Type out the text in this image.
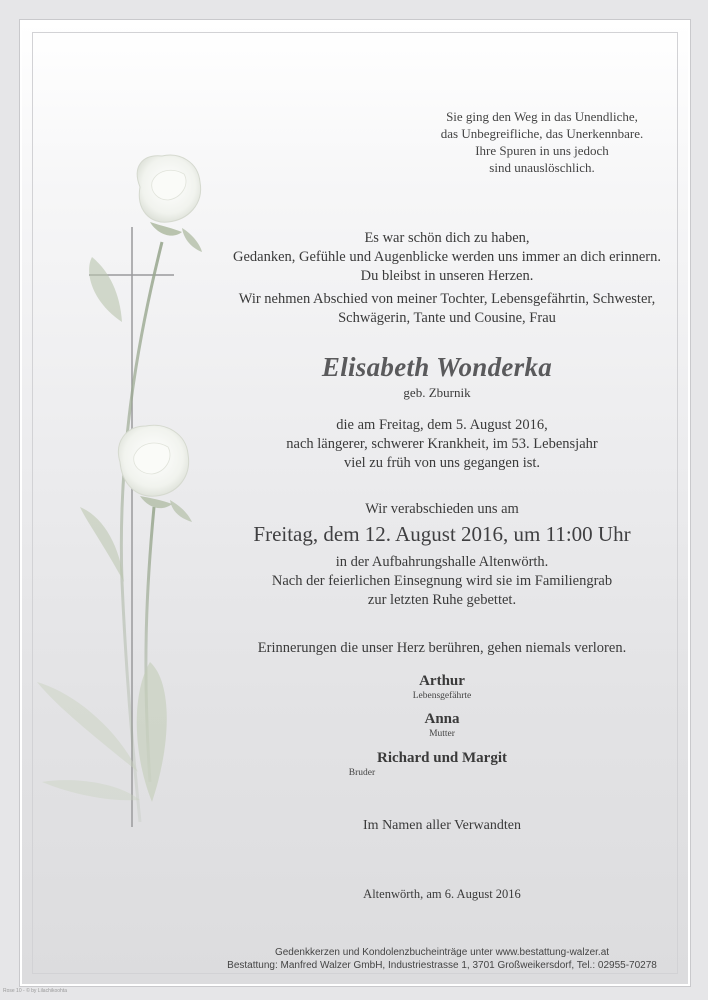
Sie ging den Weg in das Unendliche,
das Unbegreifliche, das Unerkennbare.
Ihre Spuren in uns jedoch
sind unauslöschlich.
Es war schön dich zu haben,
Gedanken, Gefühle und Augenblicke werden uns immer an dich erinnern.
Du bleibst in unseren Herzen.
Wir nehmen Abschied von meiner Tochter, Lebensgefährtin, Schwester,
Schwägerin, Tante und Cousine, Frau
Elisabeth Wonderka
geb. Zburnik
die am Freitag, dem 5. August 2016,
nach längerer, schwerer Krankheit, im 53. Lebensjahr
viel zu früh von uns gegangen ist.
Wir verabschieden uns am
Freitag, dem 12. August 2016, um 11:00 Uhr
in der Aufbahrungshalle Altenwörth.
Nach der feierlichen Einsegnung wird sie im Familiengrab
zur letzten Ruhe gebettet.
Erinnerungen die unser Herz berühren, gehen niemals verloren.
Arthur
Lebensgefährte
Anna
Mutter
Richard und Margit
Bruder
Im Namen aller Verwandten
Altenwörth, am 6. August 2016
Gedenkkerzen und Kondolenzbucheinträge unter www.bestattung-walzer.at
Bestattung: Manfred Walzer GmbH, Industriestrasse 1, 3701 Großweikersdorf, Tel.: 02955-70278
Rose 10 - © by Lilachikoohta
